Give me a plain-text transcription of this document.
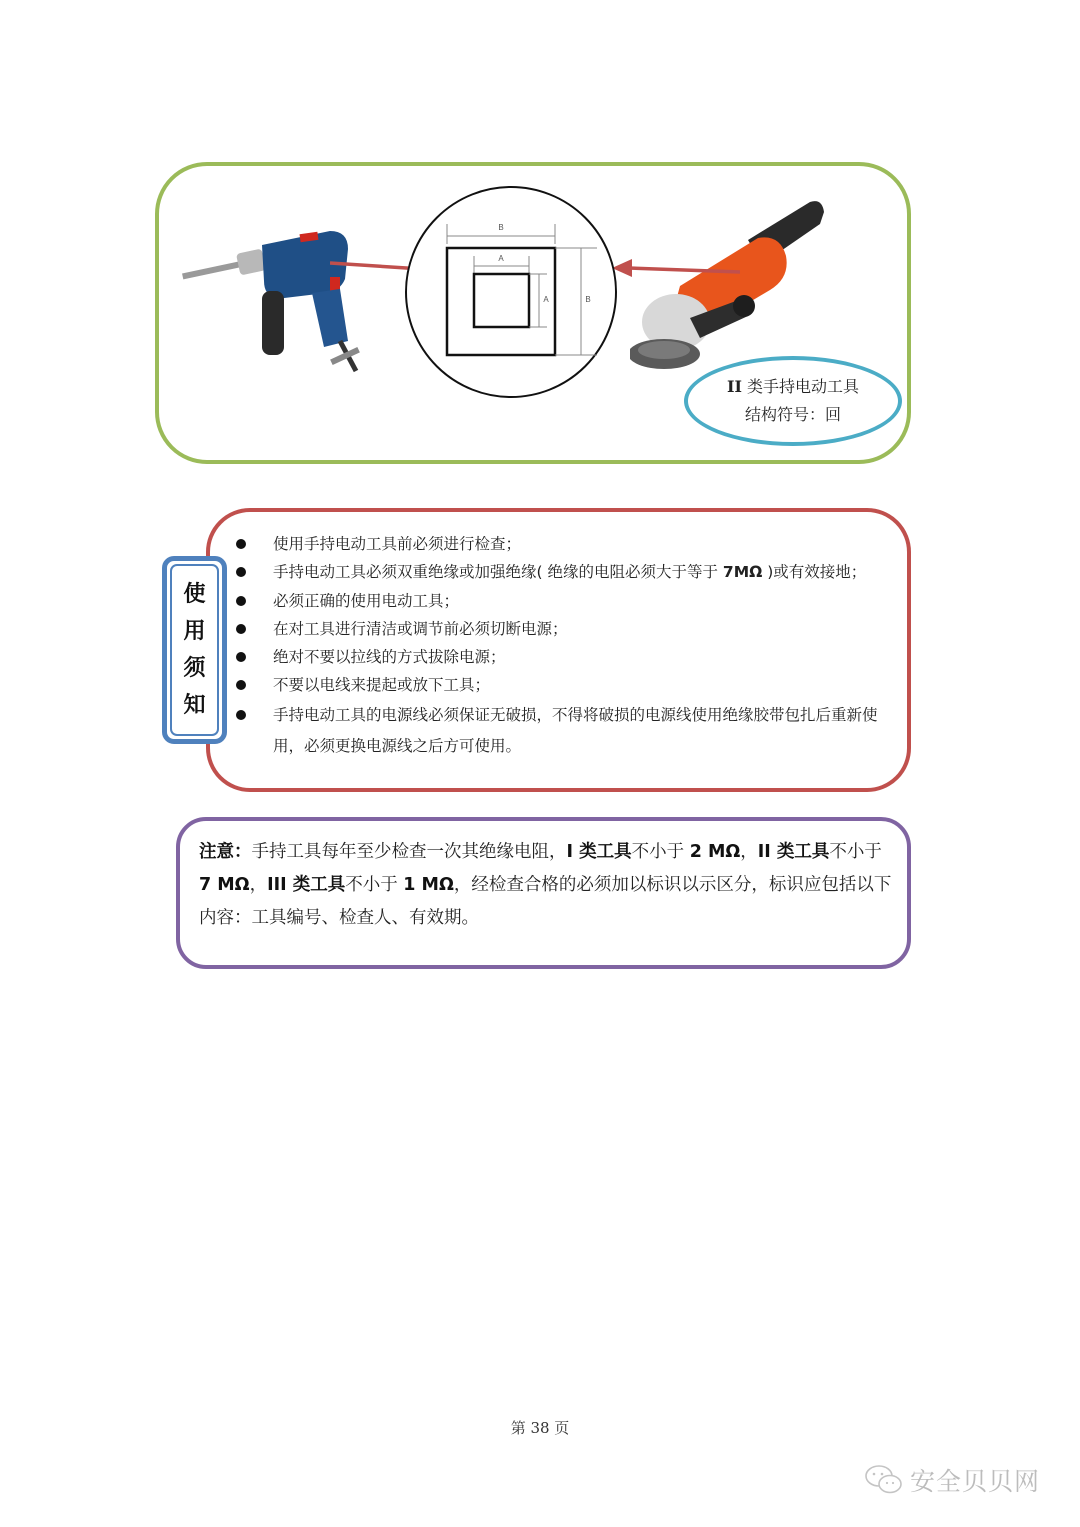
B
A
A	B
II 类手持电动工具
结构符号：回
使
用
须
知
使用手持电动工具前必须进行检查；
手持电动工具必须双重绝缘或加强绝缘( 绝缘的电阻必须大于等于 7MΩ )或有效接地；
必须正确的使用电动工具；
在对工具进行清洁或调节前必须切断电源；
绝对不要以拉线的方式拔除电源；
不要以电线来提起或放下工具；
手持电动工具的电源线必须保证无破损，不得将破损的电源线使用绝缘胶带包扎后重新使用，必须更换电源线之后方可使用。

注意：手持工具每年至少检查一次其绝缘电阻，I 类工具不小于 2 MΩ，II 类工具不小于 7 MΩ，III 类工具不小于 1 MΩ，经检查合格的必须加以标识以示区分，标识应包括以下内容：工具编号、检查人、有效期。

第 38 页
安全贝贝网
